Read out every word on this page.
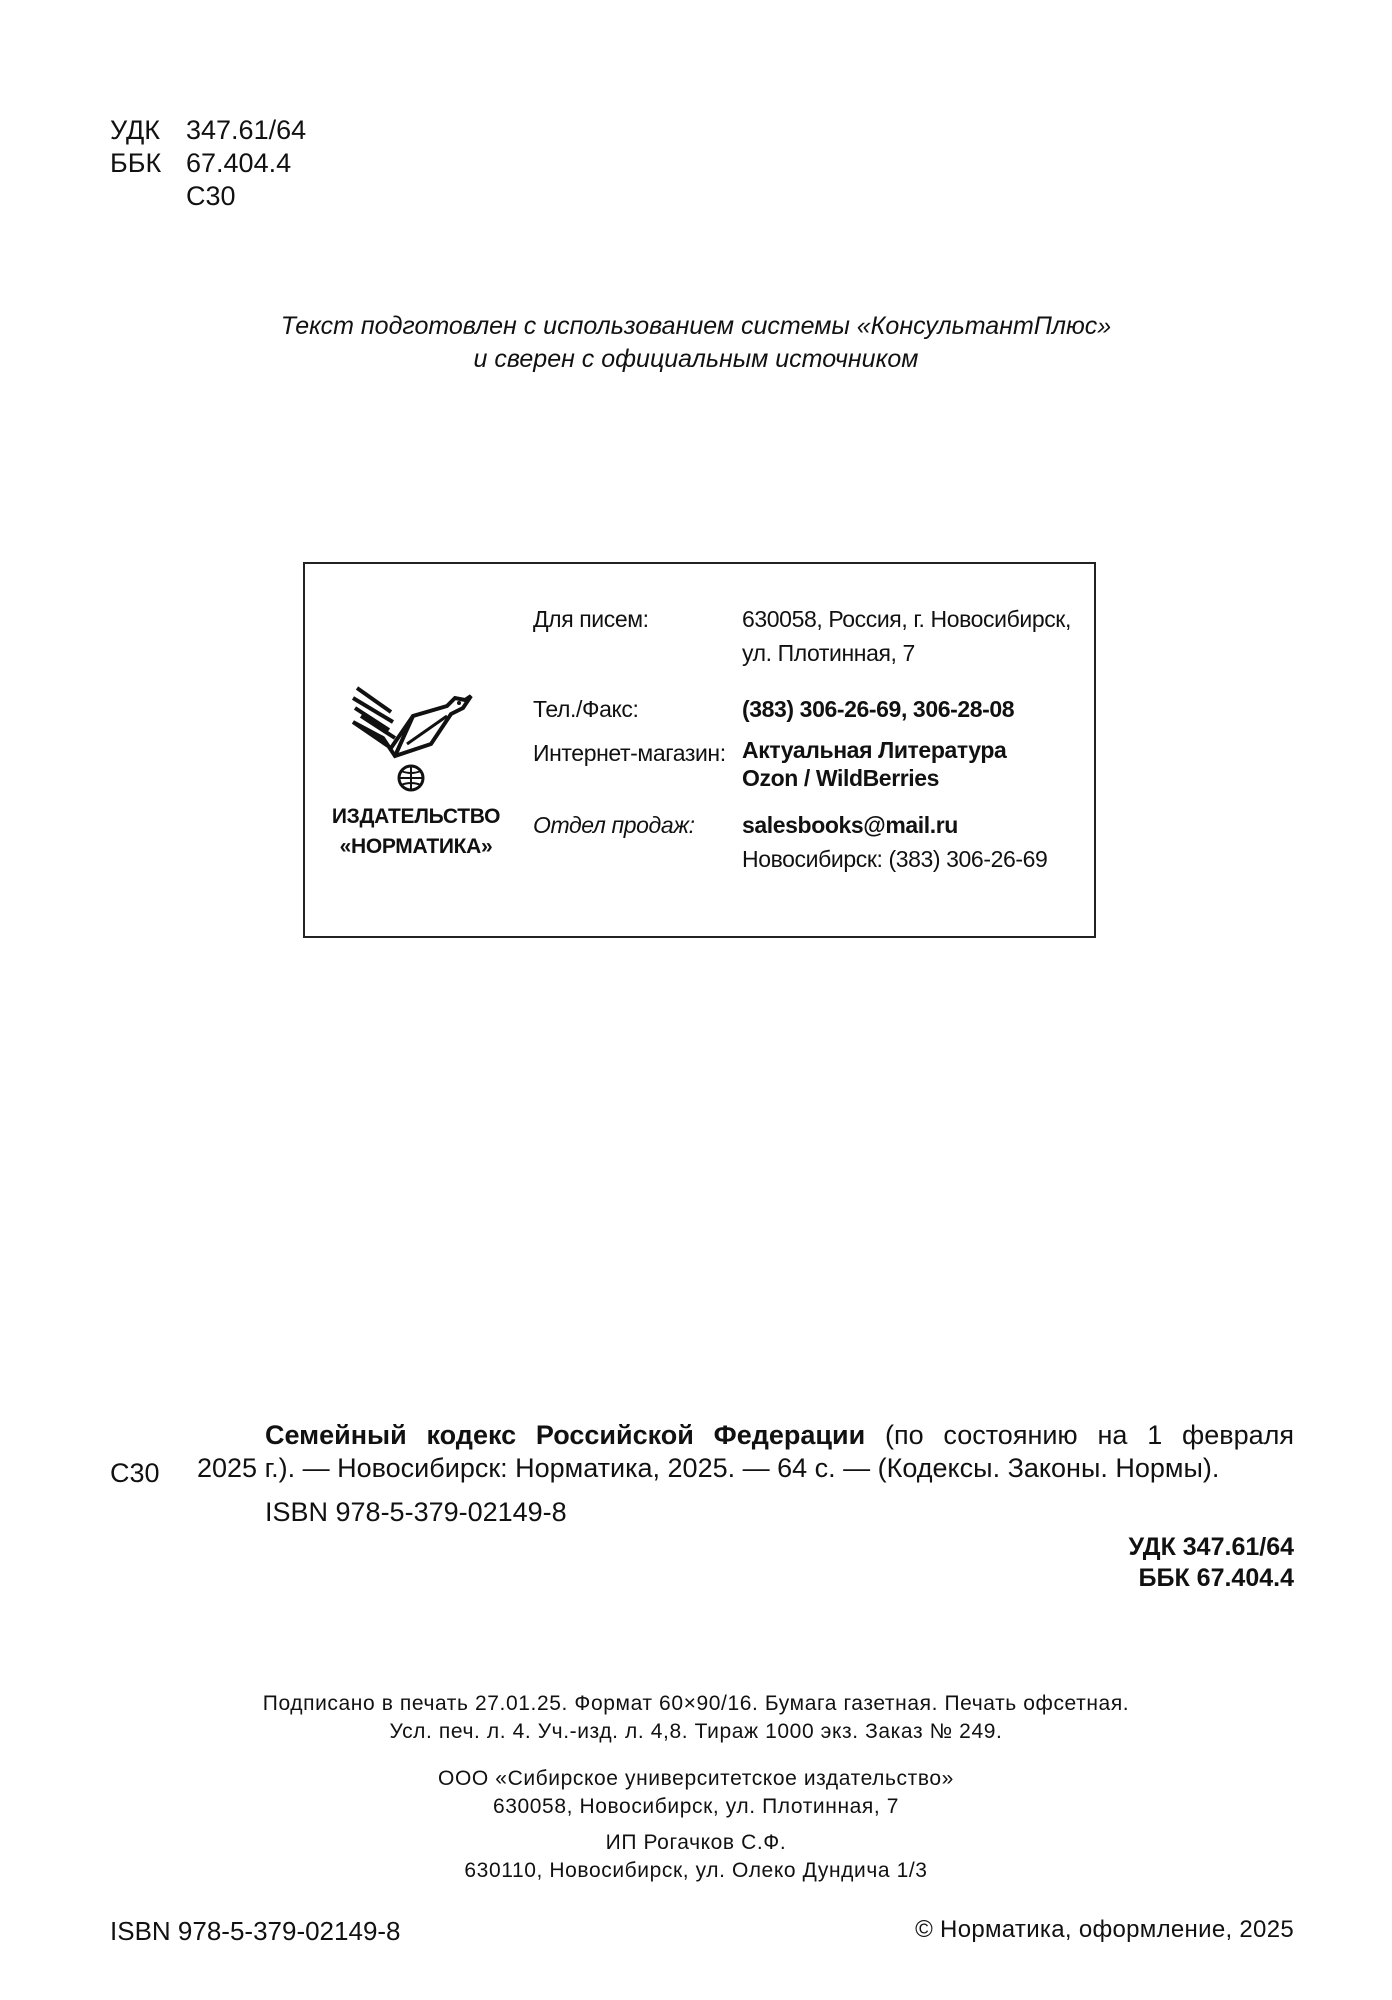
УДК 347.61/64
ББК 67.404.4
С30
Текст подготовлен с использованием системы «КонсультантПлюс»
и сверен с официальным источником
ИЗДАТЕЛЬСТВО
«НОРМАТИКА»
Для писем:	630058, Россия, г. Новосибирск,
ул. Плотинная, 7
Тел./Факс:	(383) 306-26-69, 306-28-08
Интернет-магазин: Актуальная Литература
Ozon / WildBerries
Отдел продаж:	salesbooks@mail.ru
Новосибирск: (383) 306-26-69
С30
Семейный кодекс Российской Федерации (по состоянию на 1 февраля
2025 г.). — Новосибирск: Норматика, 2025. — 64 с. — (Кодексы. Законы. Нормы).
ISBN 978-5-379-02149-8
УДК 347.61/64
ББК 67.404.4
Подписано в печать 27.01.25. Формат 60×90/16. Бумага газетная. Печать офсетная.
Усл. печ. л. 4. Уч.-изд. л. 4,8. Тираж 1000 экз. Заказ № 249.
ООО «Сибирское университетское издательство»
630058, Новосибирск, ул. Плотинная, 7
ИП Рогачков С.Ф.
630110, Новосибирск, ул. Олеко Дундича 1/3
ISBN 978-5-379-02149-8	© Норматика, оформление, 2025
